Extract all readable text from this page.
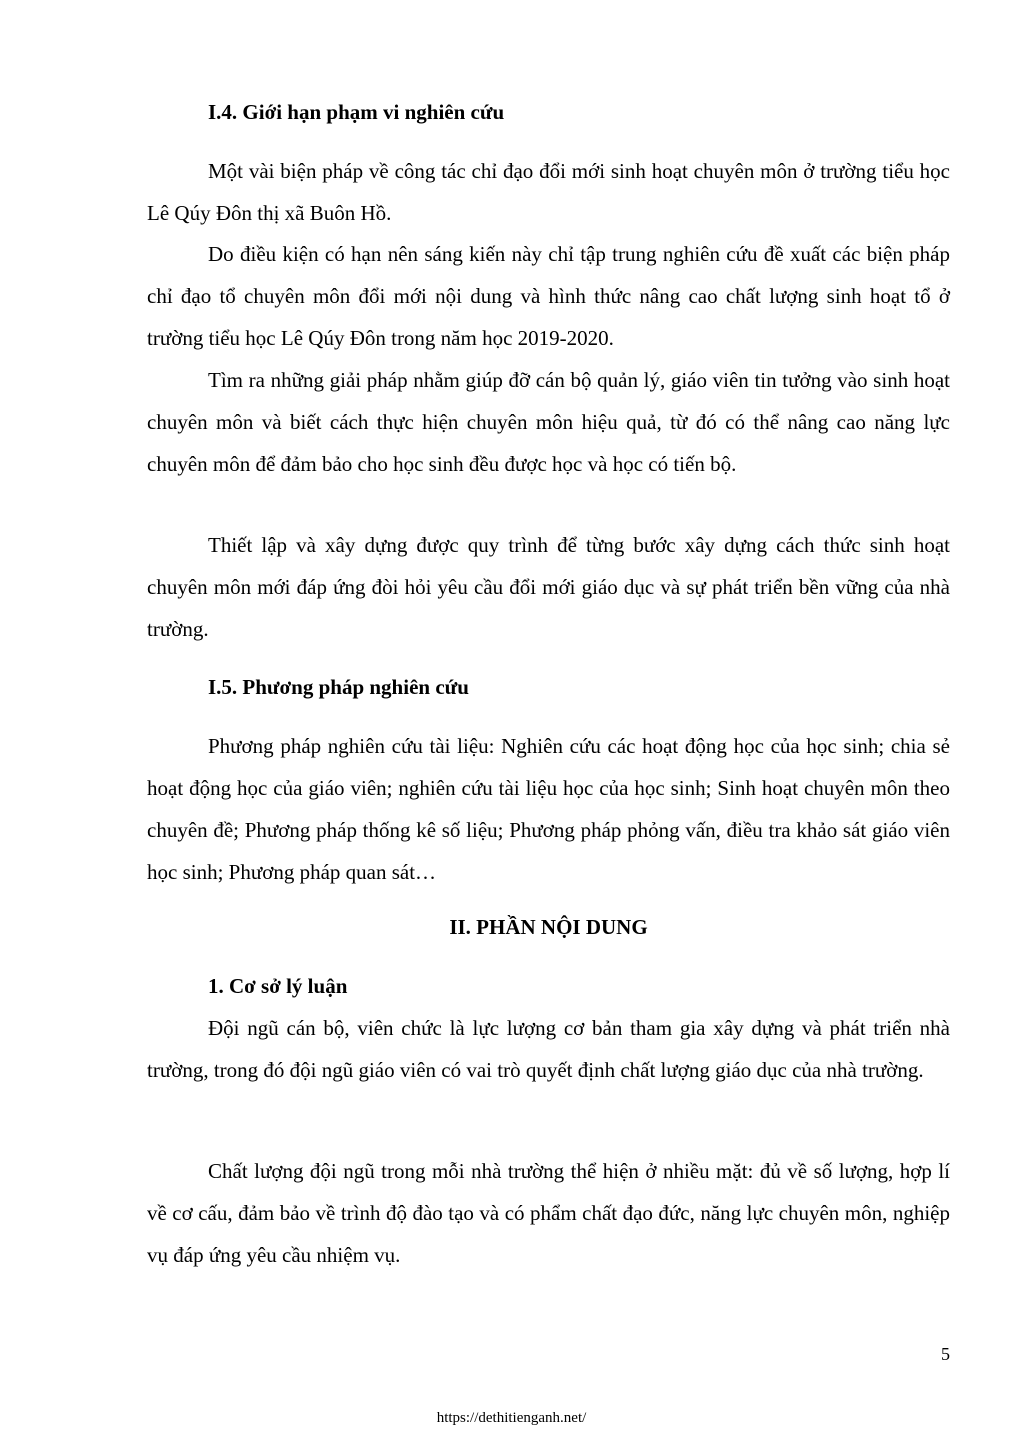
I.4. Giới hạn phạm vi nghiên cứu

Một vài biện pháp về công tác chỉ đạo đổi mới sinh hoạt chuyên môn ở trường tiểu học Lê Qúy Đôn thị xã Buôn Hồ.

Do điều kiện có hạn nên sáng kiến này chỉ tập trung nghiên cứu đề xuất các biện pháp chỉ đạo tổ chuyên môn đổi mới nội dung và hình thức nâng cao chất lượng sinh hoạt tổ ở trường tiểu học Lê Qúy Đôn trong năm học 2019-2020.

Tìm ra những giải pháp nhằm giúp đỡ cán bộ quản lý, giáo viên tin tưởng vào sinh hoạt chuyên môn và biết cách thực hiện chuyên môn hiệu quả, từ đó có thể nâng cao năng lực chuyên môn để đảm bảo cho học sinh đều được học và học có tiến bộ.

Thiết lập và xây dựng được quy trình để từng bước xây dựng cách thức sinh hoạt chuyên môn mới đáp ứng đòi hỏi yêu cầu đổi mới giáo dục và sự phát triển bền vững của nhà trường.

I.5. Phương pháp nghiên cứu

Phương pháp nghiên cứu tài liệu: Nghiên cứu các hoạt động học của học sinh; chia sẻ hoạt động học của giáo viên; nghiên cứu tài liệu học của học sinh; Sinh hoạt chuyên môn theo chuyên đề; Phương pháp thống kê số liệu; Phương pháp phỏng vấn, điều tra khảo sát giáo viên học sinh; Phương pháp quan sát…

II. PHẦN NỘI DUNG
1. Cơ sở lý luận

Đội ngũ cán bộ, viên chức là lực lượng cơ bản tham gia xây dựng và phát triển nhà trường, trong đó đội ngũ giáo viên có vai trò quyết định chất lượng giáo dục của nhà trường.

Chất lượng đội ngũ trong mỗi nhà trường thể hiện ở nhiều mặt: đủ về số lượng, hợp lí về cơ cấu, đảm bảo về trình độ đào tạo và có phẩm chất đạo đức, năng lực chuyên môn, nghiệp vụ đáp ứng yêu cầu nhiệm vụ.

5
https://dethitienganh.net/
